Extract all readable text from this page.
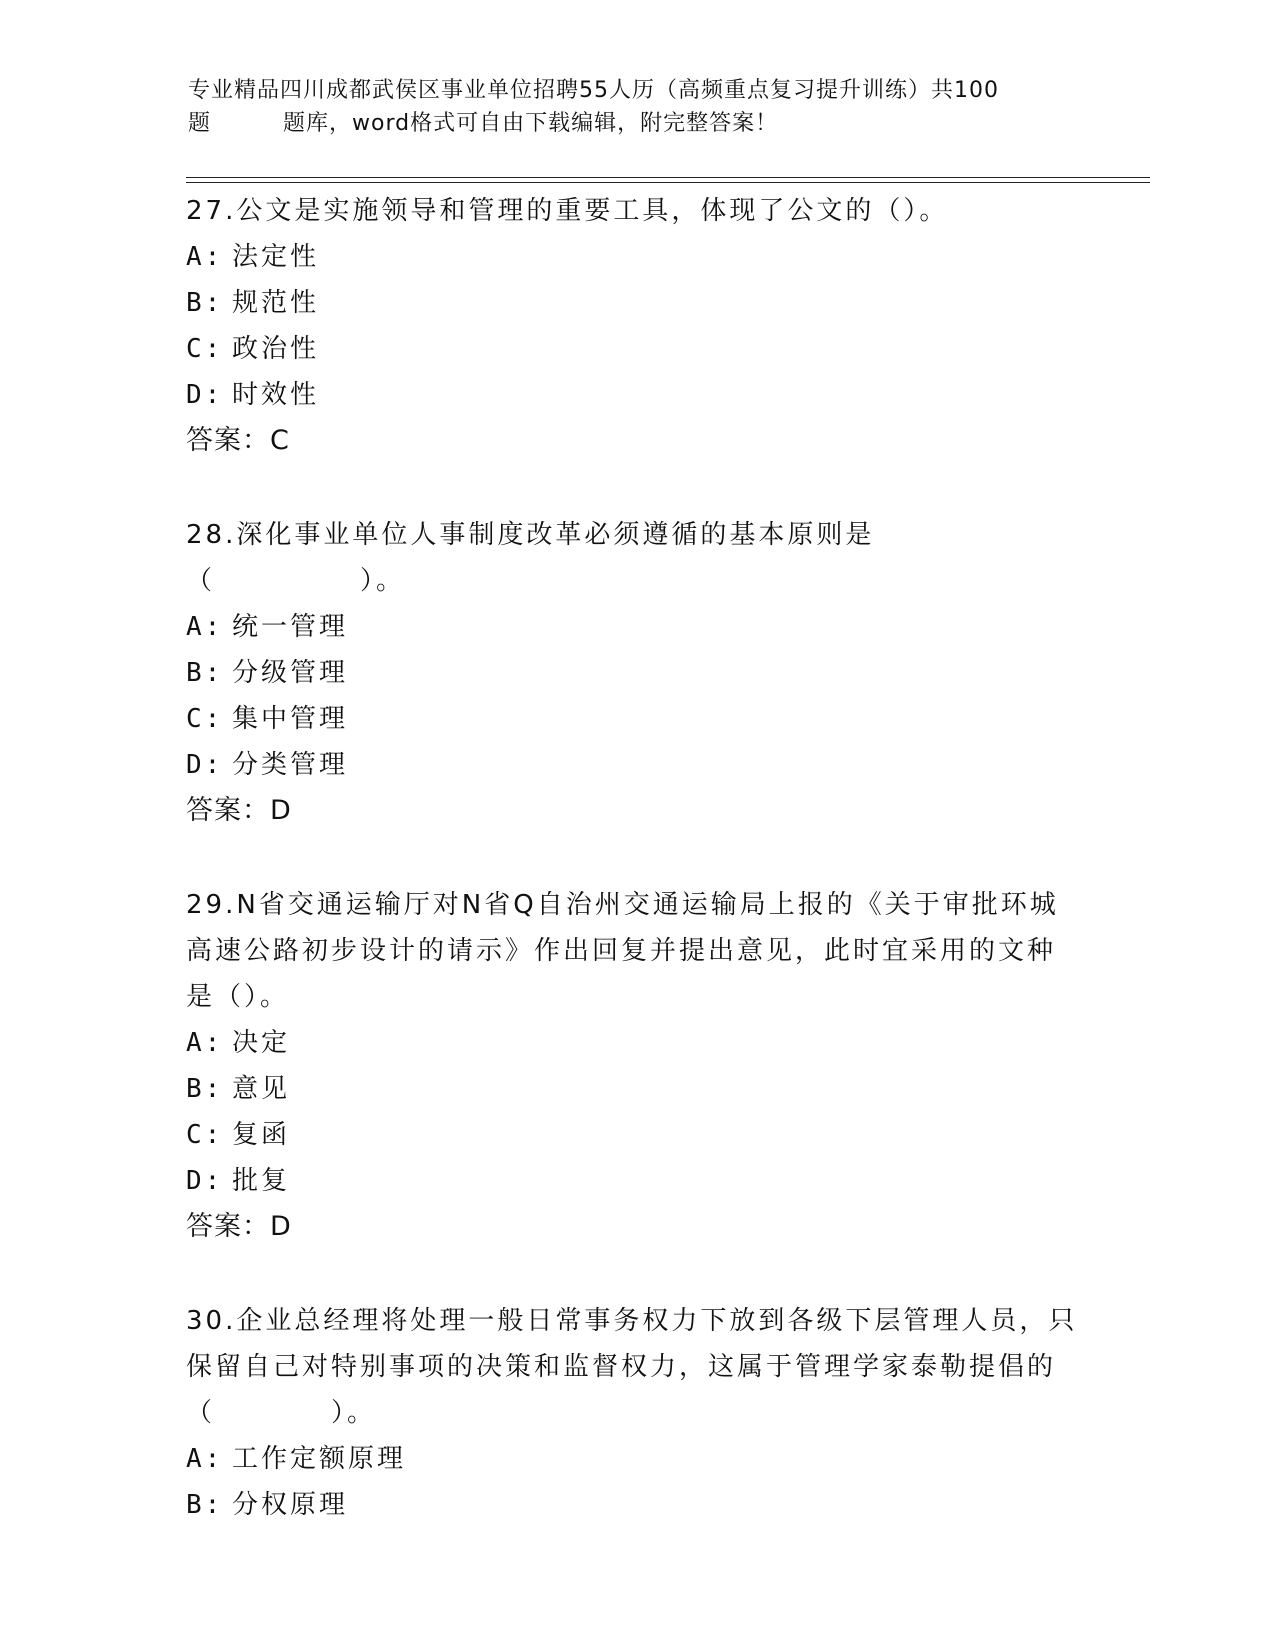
专业精品四川成都武侯区事业单位招聘55人历（高频重点复习提升训练）共100
题	题库，word格式可自由下载编辑，附完整答案！
27.公文是实施领导和管理的重要工具，体现了公文的（）。
A: 法定性
B: 规范性
C: 政治性
D: 时效性
答案：C
28.深化事业单位人事制度改革必须遵循的基本原则是（　　　　　）。
A: 统一管理
B: 分级管理
C: 集中管理
D: 分类管理
答案：D
29.N省交通运输厅对N省Q自治州交通运输局上报的《关于审批环城
高速公路初步设计的请示》作出回复并提出意见，此时宜采用的文种
是（）。
A: 决定
B: 意见
C: 复函
D: 批复
答案：D
30.企业总经理将处理一般日常事务权力下放到各级下层管理人员，只
保留自己对特别事项的决策和监督权力，这属于管理学家泰勒提倡的
（　　　　）。
A: 工作定额原理
B: 分权原理
